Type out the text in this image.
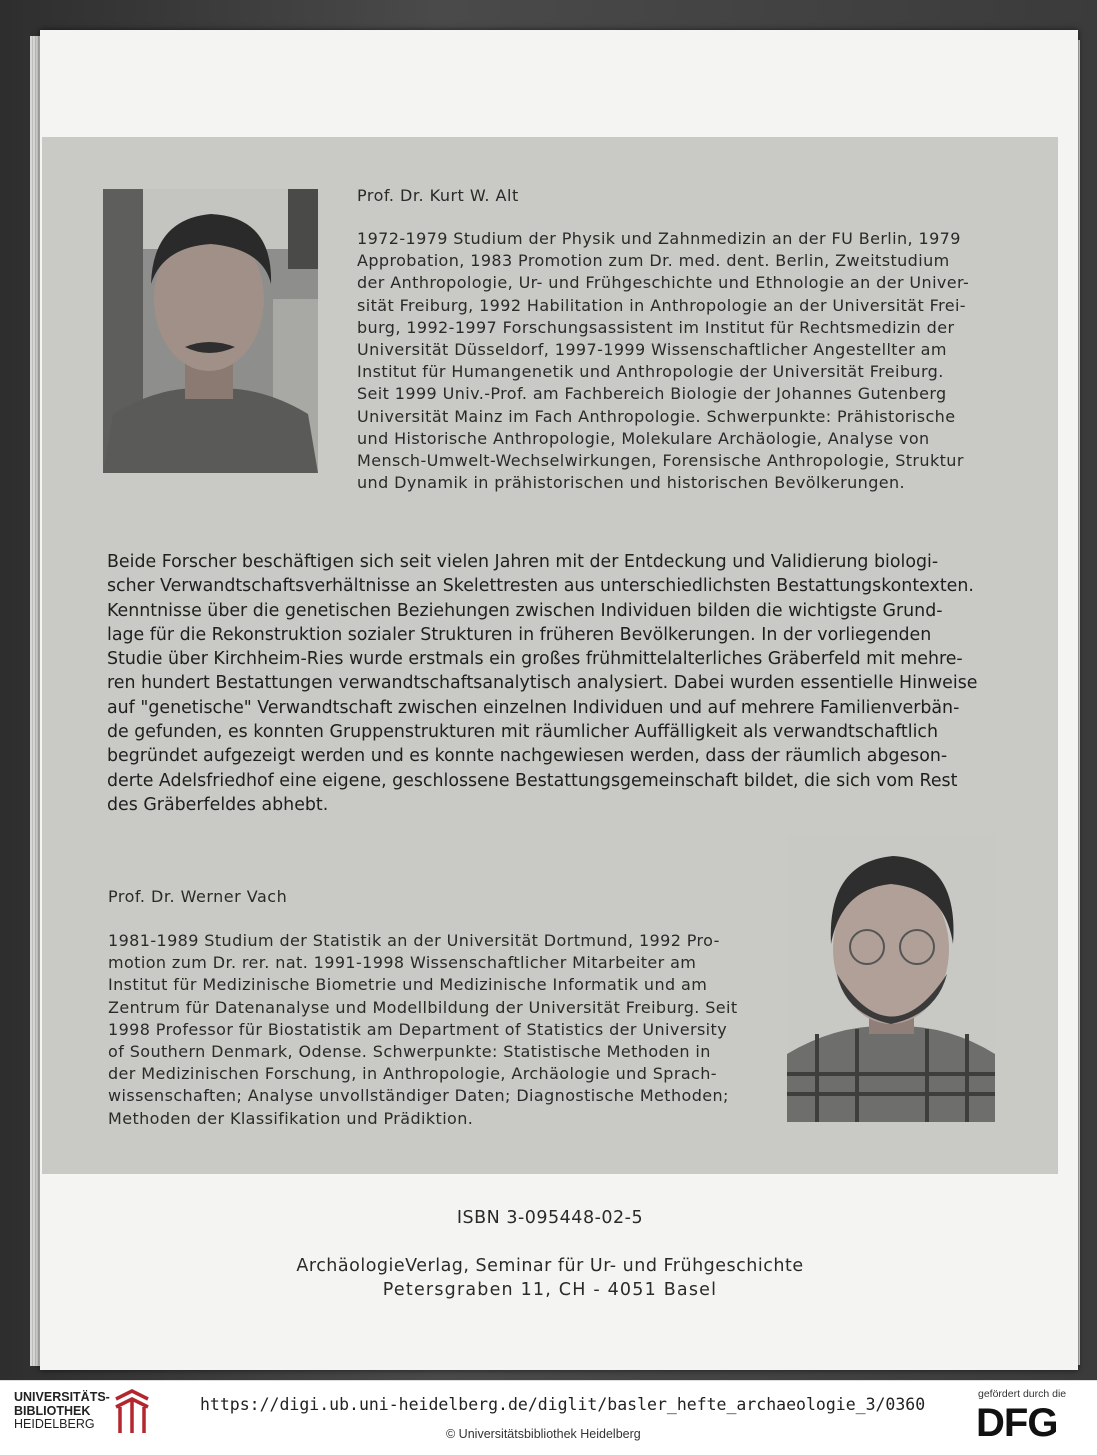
Prof. Dr. Kurt W. Alt

1972-1979 Studium der Physik und Zahnmedizin an der FU Berlin, 1979
Approbation, 1983 Promotion zum Dr. med. dent. Berlin, Zweitstudium
der Anthropologie, Ur- und Frühgeschichte und Ethnologie an der Univer-
sität Freiburg, 1992 Habilitation in Anthropologie an der Universität Frei-
burg, 1992-1997 Forschungsassistent im Institut für Rechtsmedizin der
Universität Düsseldorf, 1997-1999 Wissenschaftlicher Angestellter am
Institut für Humangenetik und Anthropologie der Universität Freiburg.
Seit 1999 Univ.-Prof. am Fachbereich Biologie der Johannes Gutenberg
Universität Mainz im Fach Anthropologie. Schwerpunkte: Prähistorische
und Historische Anthropologie, Molekulare Archäologie, Analyse von
Mensch-Umwelt-Wechselwirkungen, Forensische Anthropologie, Struktur
und Dynamik in prähistorischen und historischen Bevölkerungen.
Beide Forscher beschäftigen sich seit vielen Jahren mit der Entdeckung und Validierung biologi-
scher Verwandtschaftsverhältnisse an Skelettresten aus unterschiedlichsten Bestattungskontexten.
Kenntnisse über die genetischen Beziehungen zwischen Individuen bilden die wichtigste Grund-
lage für die Rekonstruktion sozialer Strukturen in früheren Bevölkerungen. In der vorliegenden
Studie über Kirchheim-Ries wurde erstmals ein großes frühmittelalterliches Gräberfeld mit mehre-
ren hundert Bestattungen verwandtschaftsanalytisch analysiert. Dabei wurden essentielle Hinweise
auf "genetische" Verwandtschaft zwischen einzelnen Individuen und auf mehrere Familienverbän-
de gefunden, es konnten Gruppenstrukturen mit räumlicher Auffälligkeit als verwandtschaftlich
begründet aufgezeigt werden und es konnte nachgewiesen werden, dass der räumlich abgeson-
derte Adelsfriedhof eine eigene, geschlossene Bestattungsgemeinschaft bildet, die sich vom Rest
des Gräberfeldes abhebt.

Prof. Dr. Werner Vach

1981-1989 Studium der Statistik an der Universität Dortmund, 1992 Pro-
motion zum Dr. rer. nat. 1991-1998 Wissenschaftlicher Mitarbeiter am
Institut für Medizinische Biometrie und Medizinische Informatik und am
Zentrum für Datenanalyse und Modellbildung der Universität Freiburg. Seit
1998 Professor für Biostatistik am Department of Statistics der University
of Southern Denmark, Odense. Schwerpunkte: Statistische Methoden in
der Medizinischen Forschung, in Anthropologie, Archäologie und Sprach-
wissenschaften; Analyse unvollständiger Daten; Diagnostische Methoden;
Methoden der Klassifikation und Prädiktion.

ISBN 3-095448-02-5

ArchäologieVerlag, Seminar für Ur- und Frühgeschichte

Petersgraben 11, CH - 4051 Basel

UNIVERSITÄTS-
BIBLIOTHEK
HEIDELBERG
https://digi.ub.uni-heidelberg.de/diglit/basler_hefte_archaeologie_3/0360
© Universitätsbibliothek Heidelberg
gefördert durch die
DFG
